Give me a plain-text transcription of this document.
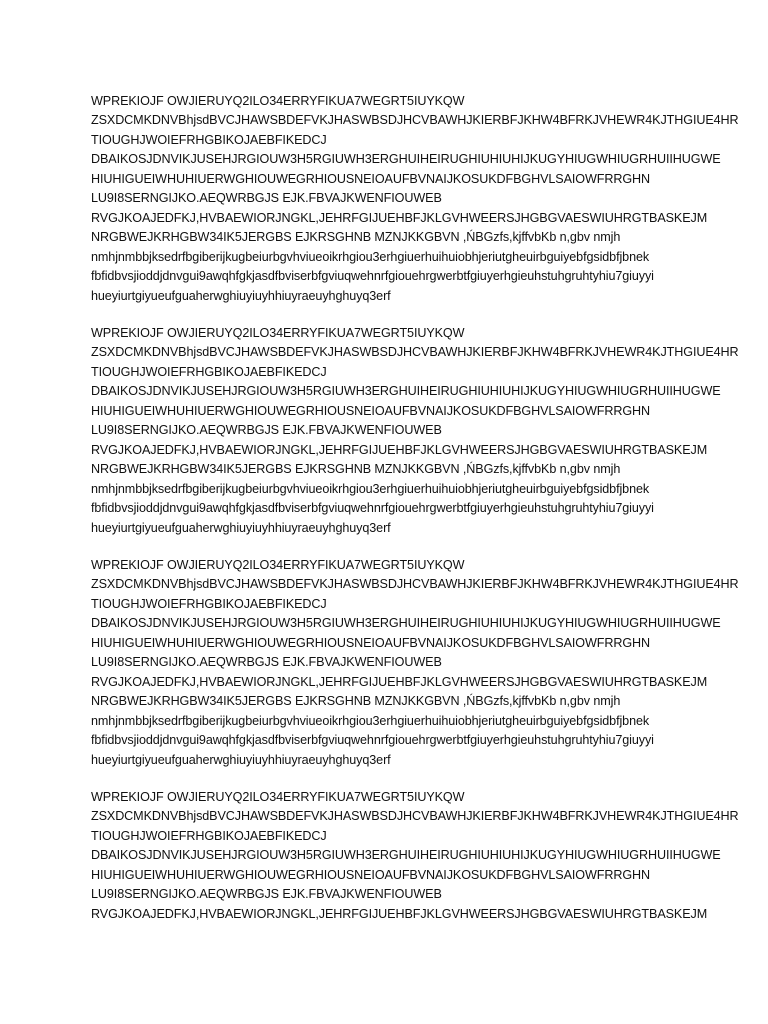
WPREKIOJF OWJIERUYQ2ILO34ERRYFIKUA7WEGRT5IUYKQW
ZSXDCMKDNVBhjsdBVCJHAWSBDEFVKJHASWBSDJHCVBAWHJKIERBFJKHW4BFRKJVHEWR4KJTHGIUE4HR
TIOUGHJWOIEFRHGBIKOJAEBFIKEDCJ
DBAIKOSJDNVIKJUSEHJRGIOUW3H5RGIUWH3ERGHUIHEIRUGHIUHIUHIJKUGYHIUGWHIUGRHUIIHUGWE
HIUHIGUEIWHUHIUERWGHIOUWEGRHIOUSNEIOAUFBVNAIJKOSUKDFBGHVLSAIOWFRRGHN
LU9I8SERNGIJKO.AEQWRBGJS EJK.FBVAJKWENFIOUWEB
RVGJKOAJEDFKJ,HVBAEWIORJNGKL,JEHRFGIJUEHBFJKLGVHWEERSJHGBGVAESWIUHRGTBASKEJM
NRGBWEJKRHGBW34IK5JERGBS EJKRSGHNB MZNJKKGBVN ,ŃBGzfs,kjffvbKb n,gbv nmjh
nmhjnmbbjksedrfbgiberijkugbeiurbgvhviueoikrhgiou3erhgiuerhuihuiobhjeriutgheuirbguiyebfgsidbfjbnek
fbfidbvsjioddjdnvgui9awqhfgkjasdfbviserbfgviuqwehnrfgiouehrgwerbtfgiuyerhgieuhstuhgruhtyhiu7giuyyi
hueyiurtgiyueufguaherwghiuyiuyhhiuyraeuyhghuyq3erf
WPREKIOJF OWJIERUYQ2ILO34ERRYFIKUA7WEGRT5IUYKQW
ZSXDCMKDNVBhjsdBVCJHAWSBDEFVKJHASWBSDJHCVBAWHJKIERBFJKHW4BFRKJVHEWR4KJTHGIUE4HR
TIOUGHJWOIEFRHGBIKOJAEBFIKEDCJ
DBAIKOSJDNVIKJUSEHJRGIOUW3H5RGIUWH3ERGHUIHEIRUGHIUHIUHIJKUGYHIUGWHIUGRHUIIHUGWE
HIUHIGUEIWHUHIUERWGHIOUWEGRHIOUSNEIOAUFBVNAIJKOSUKDFBGHVLSAIOWFRRGHN
LU9I8SERNGIJKO.AEQWRBGJS EJK.FBVAJKWENFIOUWEB
RVGJKOAJEDFKJ,HVBAEWIORJNGKL,JEHRFGIJUEHBFJKLGVHWEERSJHGBGVAESWIUHRGTBASKEJM
NRGBWEJKRHGBW34IK5JERGBS EJKRSGHNB MZNJKKGBVN ,ŃBGzfs,kjffvbKb n,gbv nmjh
nmhjnmbbjksedrfbgiberijkugbeiurbgvhviueoikrhgiou3erhgiuerhuihuiobhjeriutgheuirbguiyebfgsidbfjbnek
fbfidbvsjioddjdnvgui9awqhfgkjasdfbviserbfgviuqwehnrfgiouehrgwerbtfgiuyerhgieuhstuhgruhtyhiu7giuyyi
hueyiurtgiyueufguaherwghiuyiuyhhiuyraeuyhghuyq3erf
WPREKIOJF OWJIERUYQ2ILO34ERRYFIKUA7WEGRT5IUYKQW
ZSXDCMKDNVBhjsdBVCJHAWSBDEFVKJHASWBSDJHCVBAWHJKIERBFJKHW4BFRKJVHEWR4KJTHGIUE4HR
TIOUGHJWOIEFRHGBIKOJAEBFIKEDCJ
DBAIKOSJDNVIKJUSEHJRGIOUW3H5RGIUWH3ERGHUIHEIRUGHIUHIUHIJKUGYHIUGWHIUGRHUIIHUGWE
HIUHIGUEIWHUHIUERWGHIOUWEGRHIOUSNEIOAUFBVNAIJKOSUKDFBGHVLSAIOWFRRGHN
LU9I8SERNGIJKO.AEQWRBGJS EJK.FBVAJKWENFIOUWEB
RVGJKOAJEDFKJ,HVBAEWIORJNGKL,JEHRFGIJUEHBFJKLGVHWEERSJHGBGVAESWIUHRGTBASKEJM
NRGBWEJKRHGBW34IK5JERGBS EJKRSGHNB MZNJKKGBVN ,ŃBGzfs,kjffvbKb n,gbv nmjh
nmhjnmbbjksedrfbgiberijkugbeiurbgvhviueoikrhgiou3erhgiuerhuihuiobhjeriutgheuirbguiyebfgsidbfjbnek
fbfidbvsjioddjdnvgui9awqhfgkjasdfbviserbfgviuqwehnrfgiouehrgwerbtfgiuyerhgieuhstuhgruhtyhiu7giuyyi
hueyiurtgiyueufguaherwghiuyiuyhhiuyraeuyhghuyq3erf
WPREKIOJF OWJIERUYQ2ILO34ERRYFIKUA7WEGRT5IUYKQW
ZSXDCMKDNVBhjsdBVCJHAWSBDEFVKJHASWBSDJHCVBAWHJKIERBFJKHW4BFRKJVHEWR4KJTHGIUE4HR
TIOUGHJWOIEFRHGBIKOJAEBFIKEDCJ
DBAIKOSJDNVIKJUSEHJRGIOUW3H5RGIUWH3ERGHUIHEIRUGHIUHIUHIJKUGYHIUGWHIUGRHUIIHUGWE
HIUHIGUEIWHUHIUERWGHIOUWEGRHIOUSNEIOAUFBVNAIJKOSUKDFBGHVLSAIOWFRRGHN
LU9I8SERNGIJKO.AEQWRBGJS EJK.FBVAJKWENFIOUWEB
RVGJKOAJEDFKJ,HVBAEWIORJNGKL,JEHRFGIJUEHBFJKLGVHWEERSJHGBGVAESWIUHRGTBASKEJM
